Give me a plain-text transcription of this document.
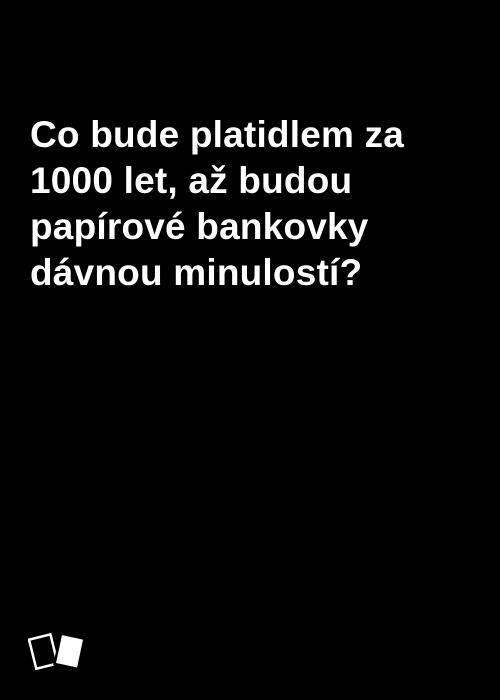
Co bude platidlem za 1000 let, až budou papírové bankovky dávnou minulostí?
